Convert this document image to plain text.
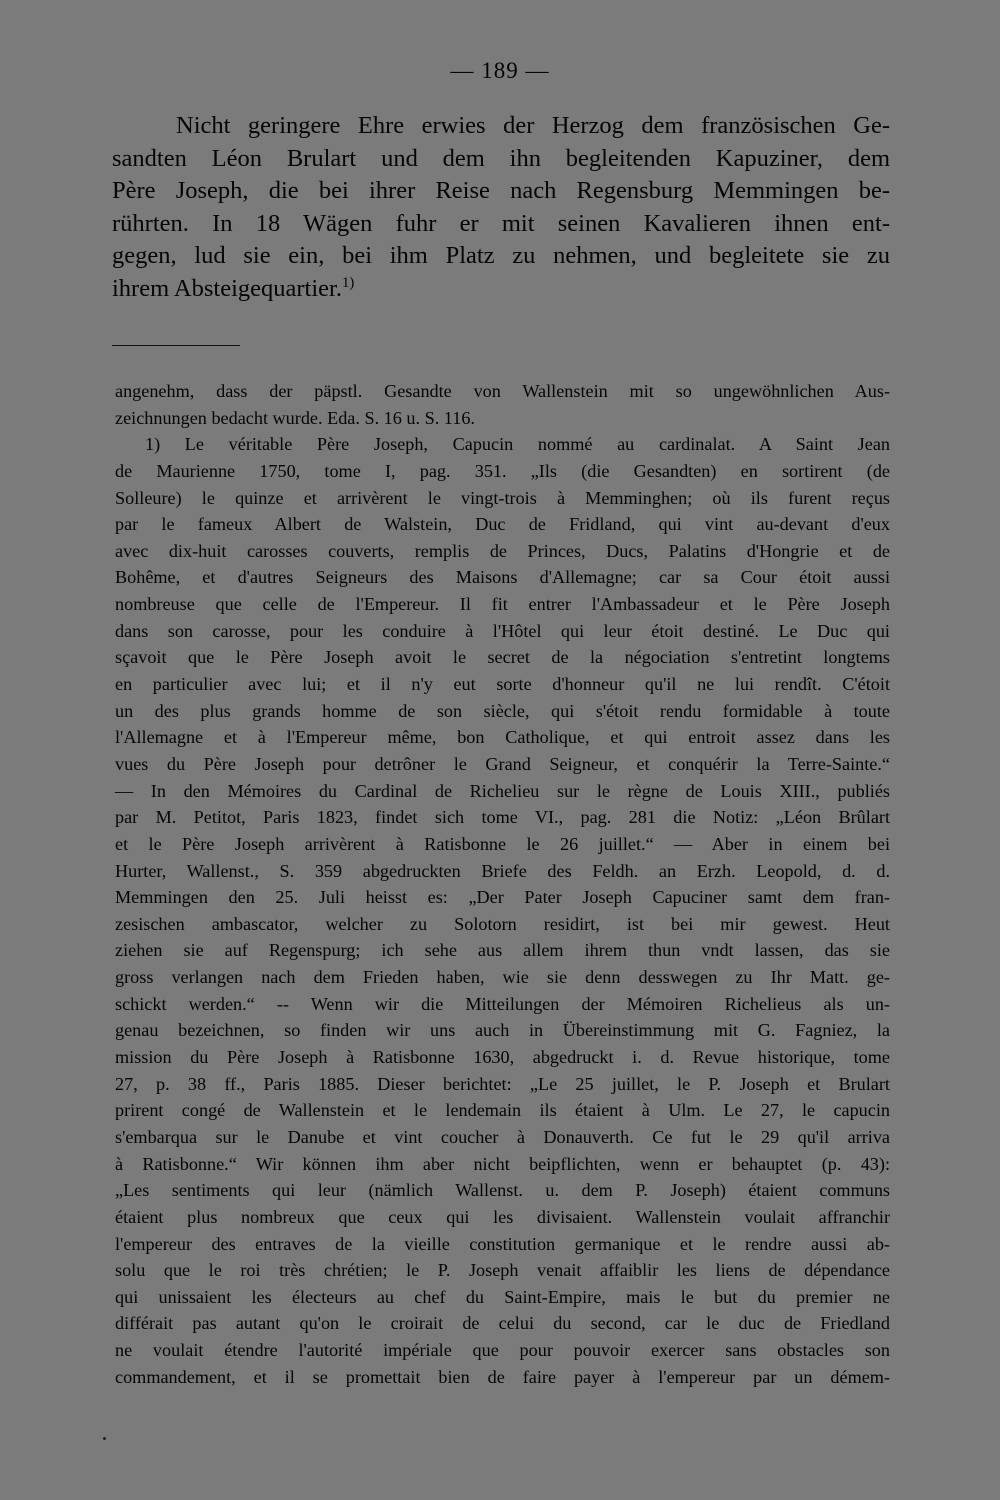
— 189 —
Nicht geringere Ehre erwies der Herzog dem französischen Ge-
sandten Léon Brulart und dem ihn begleitenden Kapuziner, dem
Père Joseph, die bei ihrer Reise nach Regensburg Memmingen be-
rührten. In 18 Wägen fuhr er mit seinen Kavalieren ihnen ent-
gegen, lud sie ein, bei ihm Platz zu nehmen, und begleitete sie zu
ihrem Absteigequartier.$^{1)}$
angenehm, dass der päpstl. Gesandte von Wallenstein mit so ungewöhnlichen Aus-
zeichnungen bedacht wurde. Eda. S. 16 u. S. 116.
1) Le véritable Père Joseph, Capucin nommé au cardinalat. A Saint Jean
de Maurienne 1750, tome I, pag. 351. „Ils (die Gesandten) en sortirent (de
Solleure) le quinze et arrivèrent le vingt-trois à Memminghen; où ils furent reçus
par le fameux Albert de Walstein, Duc de Fridland, qui vint au-devant d'eux
avec dix-huit carosses couverts, remplis de Princes, Ducs, Palatins d'Hongrie et de
Bohême, et d'autres Seigneurs des Maisons d'Allemagne; car sa Cour étoit aussi
nombreuse que celle de l'Empereur. Il fit entrer l'Ambassadeur et le Père Joseph
dans son carosse, pour les conduire à l'Hôtel qui leur étoit destiné. Le Duc qui
sçavoit que le Père Joseph avoit le secret de la négociation s'entretint longtems
en particulier avec lui; et il n'y eut sorte d'honneur qu'il ne lui rendît. C'étoit
un des plus grands homme de son siècle, qui s'étoit rendu formidable à toute
l'Allemagne et à l'Empereur même, bon Catholique, et qui entroit assez dans les
vues du Père Joseph pour detrôner le Grand Seigneur, et conquérir la Terre-Sainte.“
— In den Mémoires du Cardinal de Richelieu sur le règne de Louis XIII., publiés
par M. Petitot, Paris 1823, findet sich tome VI., pag. 281 die Notiz: „Léon Brûlart
et le Père Joseph arrivèrent à Ratisbonne le 26 juillet.“ — Aber in einem bei
Hurter, Wallenst., S. 359 abgedruckten Briefe des Feldh. an Erzh. Leopold, d. d.
Memmingen den 25. Juli heisst es: „Der Pater Joseph Capuciner samt dem fran-
zesischen ambascator, welcher zu Solotorn residirt, ist bei mir gewest. Heut
ziehen sie auf Regenspurg; ich sehe aus allem ihrem thun vndt lassen, das sie
gross verlangen nach dem Frieden haben, wie sie denn desswegen zu Ihr Matt. ge-
schickt werden.“ -- Wenn wir die Mitteilungen der Mémoiren Richelieus als un-
genau bezeichnen, so finden wir uns auch in Übereinstimmung mit G. Fagniez, la
mission du Père Joseph à Ratisbonne 1630, abgedruckt i. d. Revue historique, tome
27, p. 38 ff., Paris 1885. Dieser berichtet: „Le 25 juillet, le P. Joseph et Brulart
prirent congé de Wallenstein et le lendemain ils étaient à Ulm. Le 27, le capucin
s'embarqua sur le Danube et vint coucher à Donauverth. Ce fut le 29 qu'il arriva
à Ratisbonne.“ Wir können ihm aber nicht beipflichten, wenn er behauptet (p. 43):
„Les sentiments qui leur (nämlich Wallenst. u. dem P. Joseph) étaient communs
étaient plus nombreux que ceux qui les divisaient. Wallenstein voulait affranchir
l'empereur des entraves de la vieille constitution germanique et le rendre aussi ab-
solu que le roi très chrétien; le P. Joseph venait affaiblir les liens de dépendance
qui unissaient les électeurs au chef du Saint-Empire, mais le but du premier ne
différait pas autant qu'on le croirait de celui du second, car le duc de Friedland
ne voulait étendre l'autorité impériale que pour pouvoir exercer sans obstacles son
commandement, et il se promettait bien de faire payer à l'empereur par un démem-
